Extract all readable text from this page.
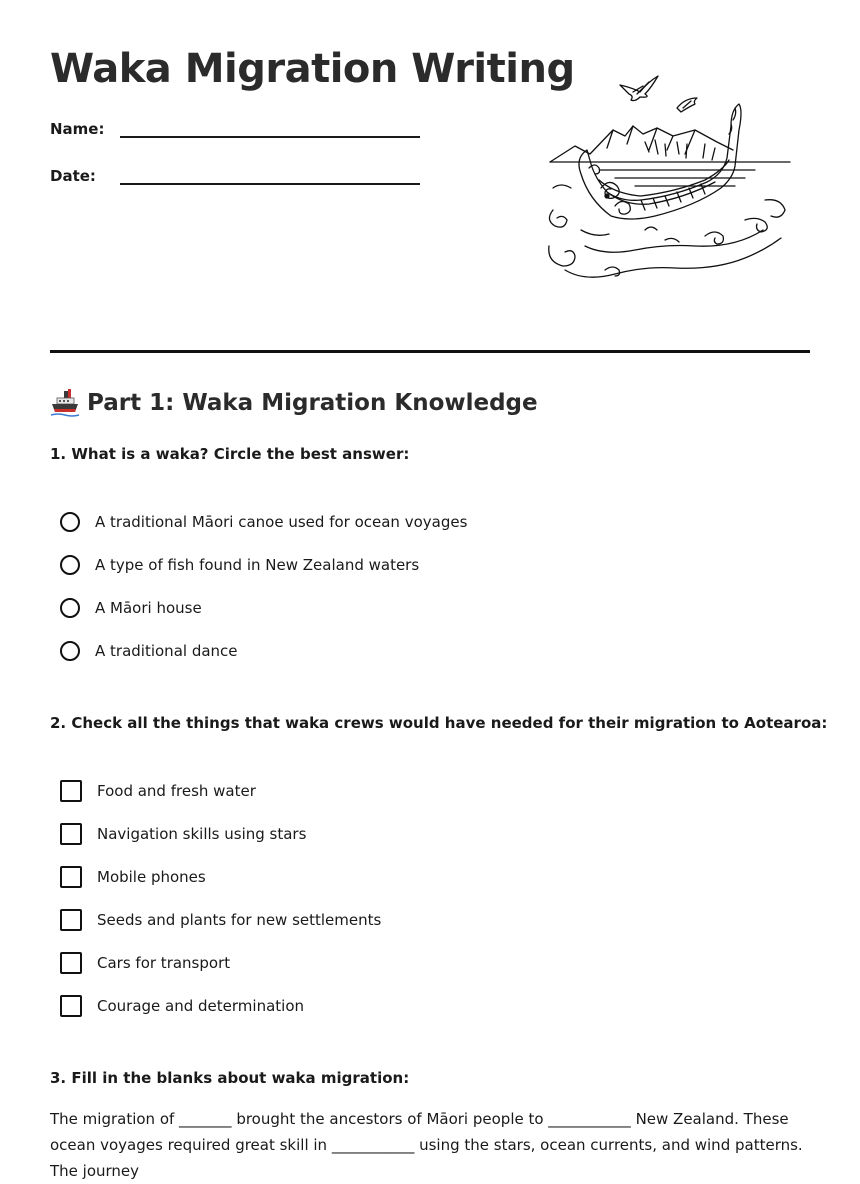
Waka Migration Writing
Name:
Date:
Part 1: Waka Migration Knowledge

1. What is a waka? Circle the best answer:

A traditional Māori canoe used for ocean voyages
A type of fish found in New Zealand waters
A Māori house
A traditional dance

2. Check all the things that waka crews would have needed for their migration to Aotearoa:

Food and fresh water
Navigation skills using stars
Mobile phones
Seeds and plants for new settlements
Cars for transport
Courage and determination

3. Fill in the blanks about waka migration:

The migration of _______ brought the ancestors of Māori people to ___________ New Zealand. These ocean voyages required great skill in ___________ using the stars, ocean currents, and wind patterns. The journey
